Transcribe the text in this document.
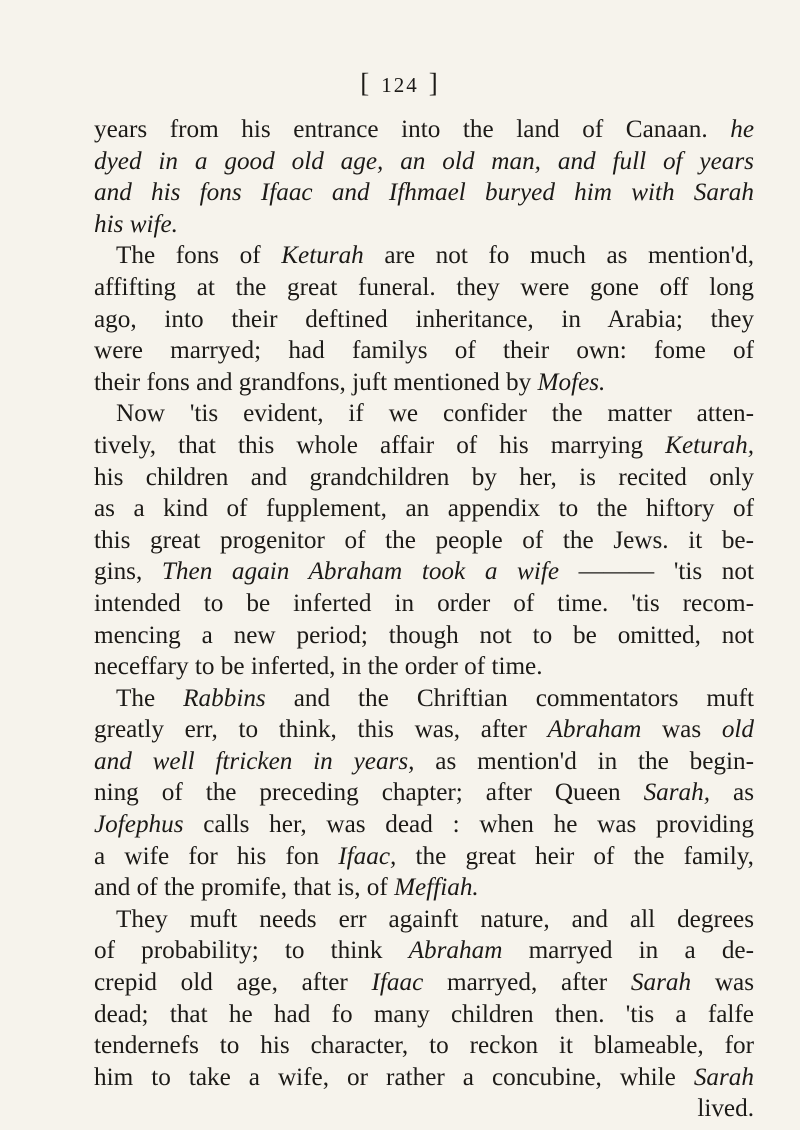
[ 124 ]
years from his entrance into the land of Canaan. he
dyed in a good old age, an old man, and full of years
and his fons Ifaac and Ifhmael buryed him with Sarah
his wife.
The fons of Keturah are not fo much as mention'd,
affifting at the great funeral. they were gone off long
ago, into their deftined inheritance, in Arabia; they
were marryed; had familys of their own: fome of
their fons and grandfons, juft mentioned by Mofes.
Now 'tis evident, if we confider the matter atten-
tively, that this whole affair of his marrying Keturah,
his children and grandchildren by her, is recited only
as a kind of fupplement, an appendix to the hiftory of
this great progenitor of the people of the Jews. it be-
gins, Then again Abraham took a wife ——— 'tis not
intended to be inferted in order of time. 'tis recom-
mencing a new period; though not to be omitted, not
neceffary to be inferted, in the order of time.
The Rabbins and the Chriftian commentators muft
greatly err, to think, this was, after Abraham was old
and well ftricken in years, as mention'd in the begin-
ning of the preceding chapter; after Queen Sarah, as
Jofephus calls her, was dead : when he was providing
a wife for his fon Ifaac, the great heir of the family,
and of the promife, that is, of Meffiah.
They muft needs err againft nature, and all degrees
of probability; to think Abraham marryed in a de-
crepid old age, after Ifaac marryed, after Sarah was
dead; that he had fo many children then. 'tis a falfe
tendernefs to his character, to reckon it blameable, for
him to take a wife, or rather a concubine, while Sarah
lived.
